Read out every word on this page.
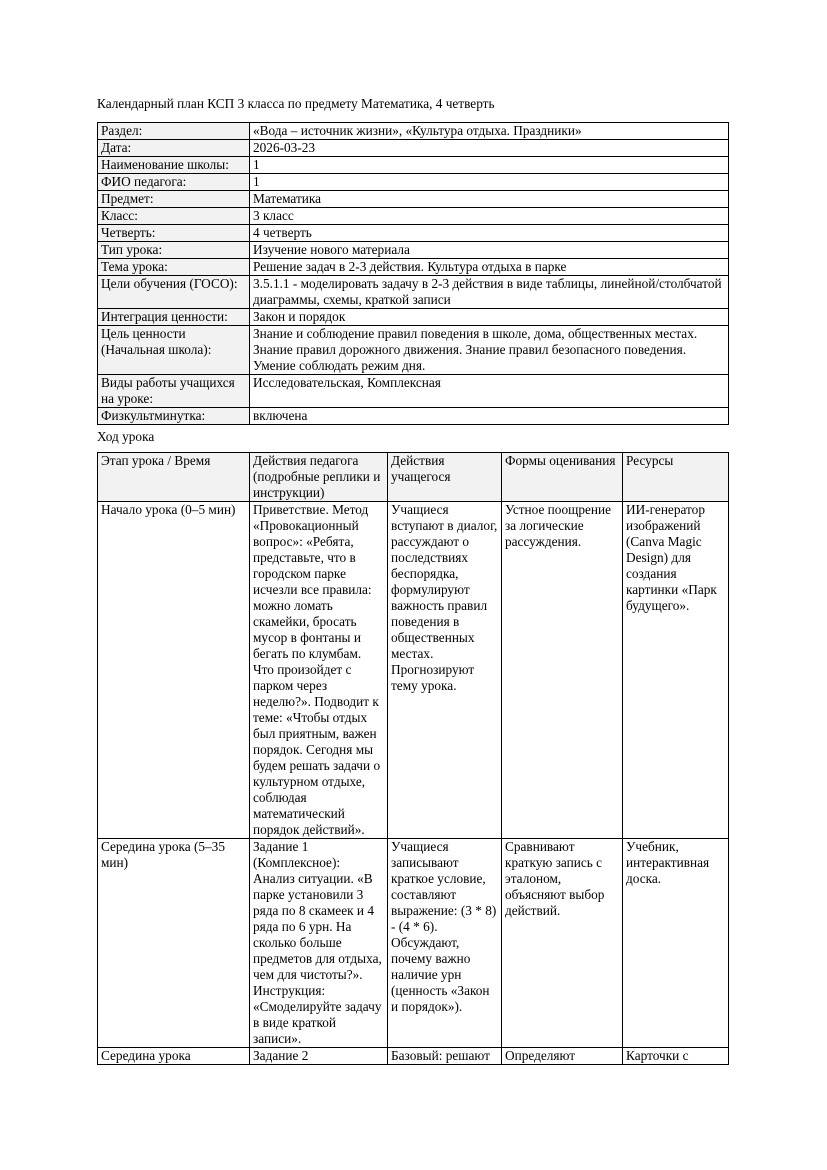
Календарный план КСП 3 класса по предмету Математика, 4 четверть
Раздел:	«Вода – источник жизни», «Культура отдыха. Праздники»
Дата:	2026-03-23
Наименование школы:	1
ФИО педагога:	1
Предмет:	Математика
Класс:	3 класс
Четверть:	4 четверть
Тип урока:	Изучение нового материала
Тема урока:	Решение задач в 2-3 действия. Культура отдыха в парке
Цели обучения (ГОСО):	3.5.1.1 - моделировать задачу в 2-3 действия в виде таблицы, линейной/столбчатой диаграммы, схемы, краткой записи
Интеграция ценности:	Закон и порядок
Цель ценности (Начальная школа):	Знание и соблюдение правил поведения в школе, дома, общественных местах. Знание правил дорожного движения. Знание правил безопасного поведения. Умение соблюдать режим дня.
Виды работы учащихся на уроке:	Исследовательская, Комплексная
Физкультминутка:	включена
Ход урока
Этап урока / Время	Действия педагога (подробные реплики и инструкции)	Действия учащегося	Формы оценивания	Ресурсы
Начало урока (0–5 мин)	Приветствие. Метод «Провокационный вопрос»: «Ребята, представьте, что в городском парке исчезли все правила: можно ломать скамейки, бросать мусор в фонтаны и бегать по клумбам. Что произойдет с парком через неделю?». Подводит к теме: «Чтобы отдых был приятным, важен порядок. Сегодня мы будем решать задачи о культурном отдыхе, соблюдая математический порядок действий».	Учащиеся вступают в диалог, рассуждают о последствиях беспорядка, формулируют важность правил поведения в общественных местах. Прогнозируют тему урока.	Устное поощрение за логические рассуждения.	ИИ-генератор изображений (Canva Magic Design) для создания картинки «Парк будущего».
Середина урока (5–35 мин)	Задание 1 (Комплексное): Анализ ситуации. «В парке установили 3 ряда по 8 скамеек и 4 ряда по 6 урн. На сколько больше предметов для отдыха, чем для чистоты?». Инструкция: «Смоделируйте задачу в виде краткой записи».	Учащиеся записывают краткое условие, составляют выражение: (3 * 8) - (4 * 6). Обсуждают, почему важно наличие урн (ценность «Закон и порядок»).	Сравнивают краткую запись с эталоном, объясняют выбор действий.	Учебник, интерактивная доска.
Середина урока	Задание 2	Базовый: решают	Определяют	Карточки с
